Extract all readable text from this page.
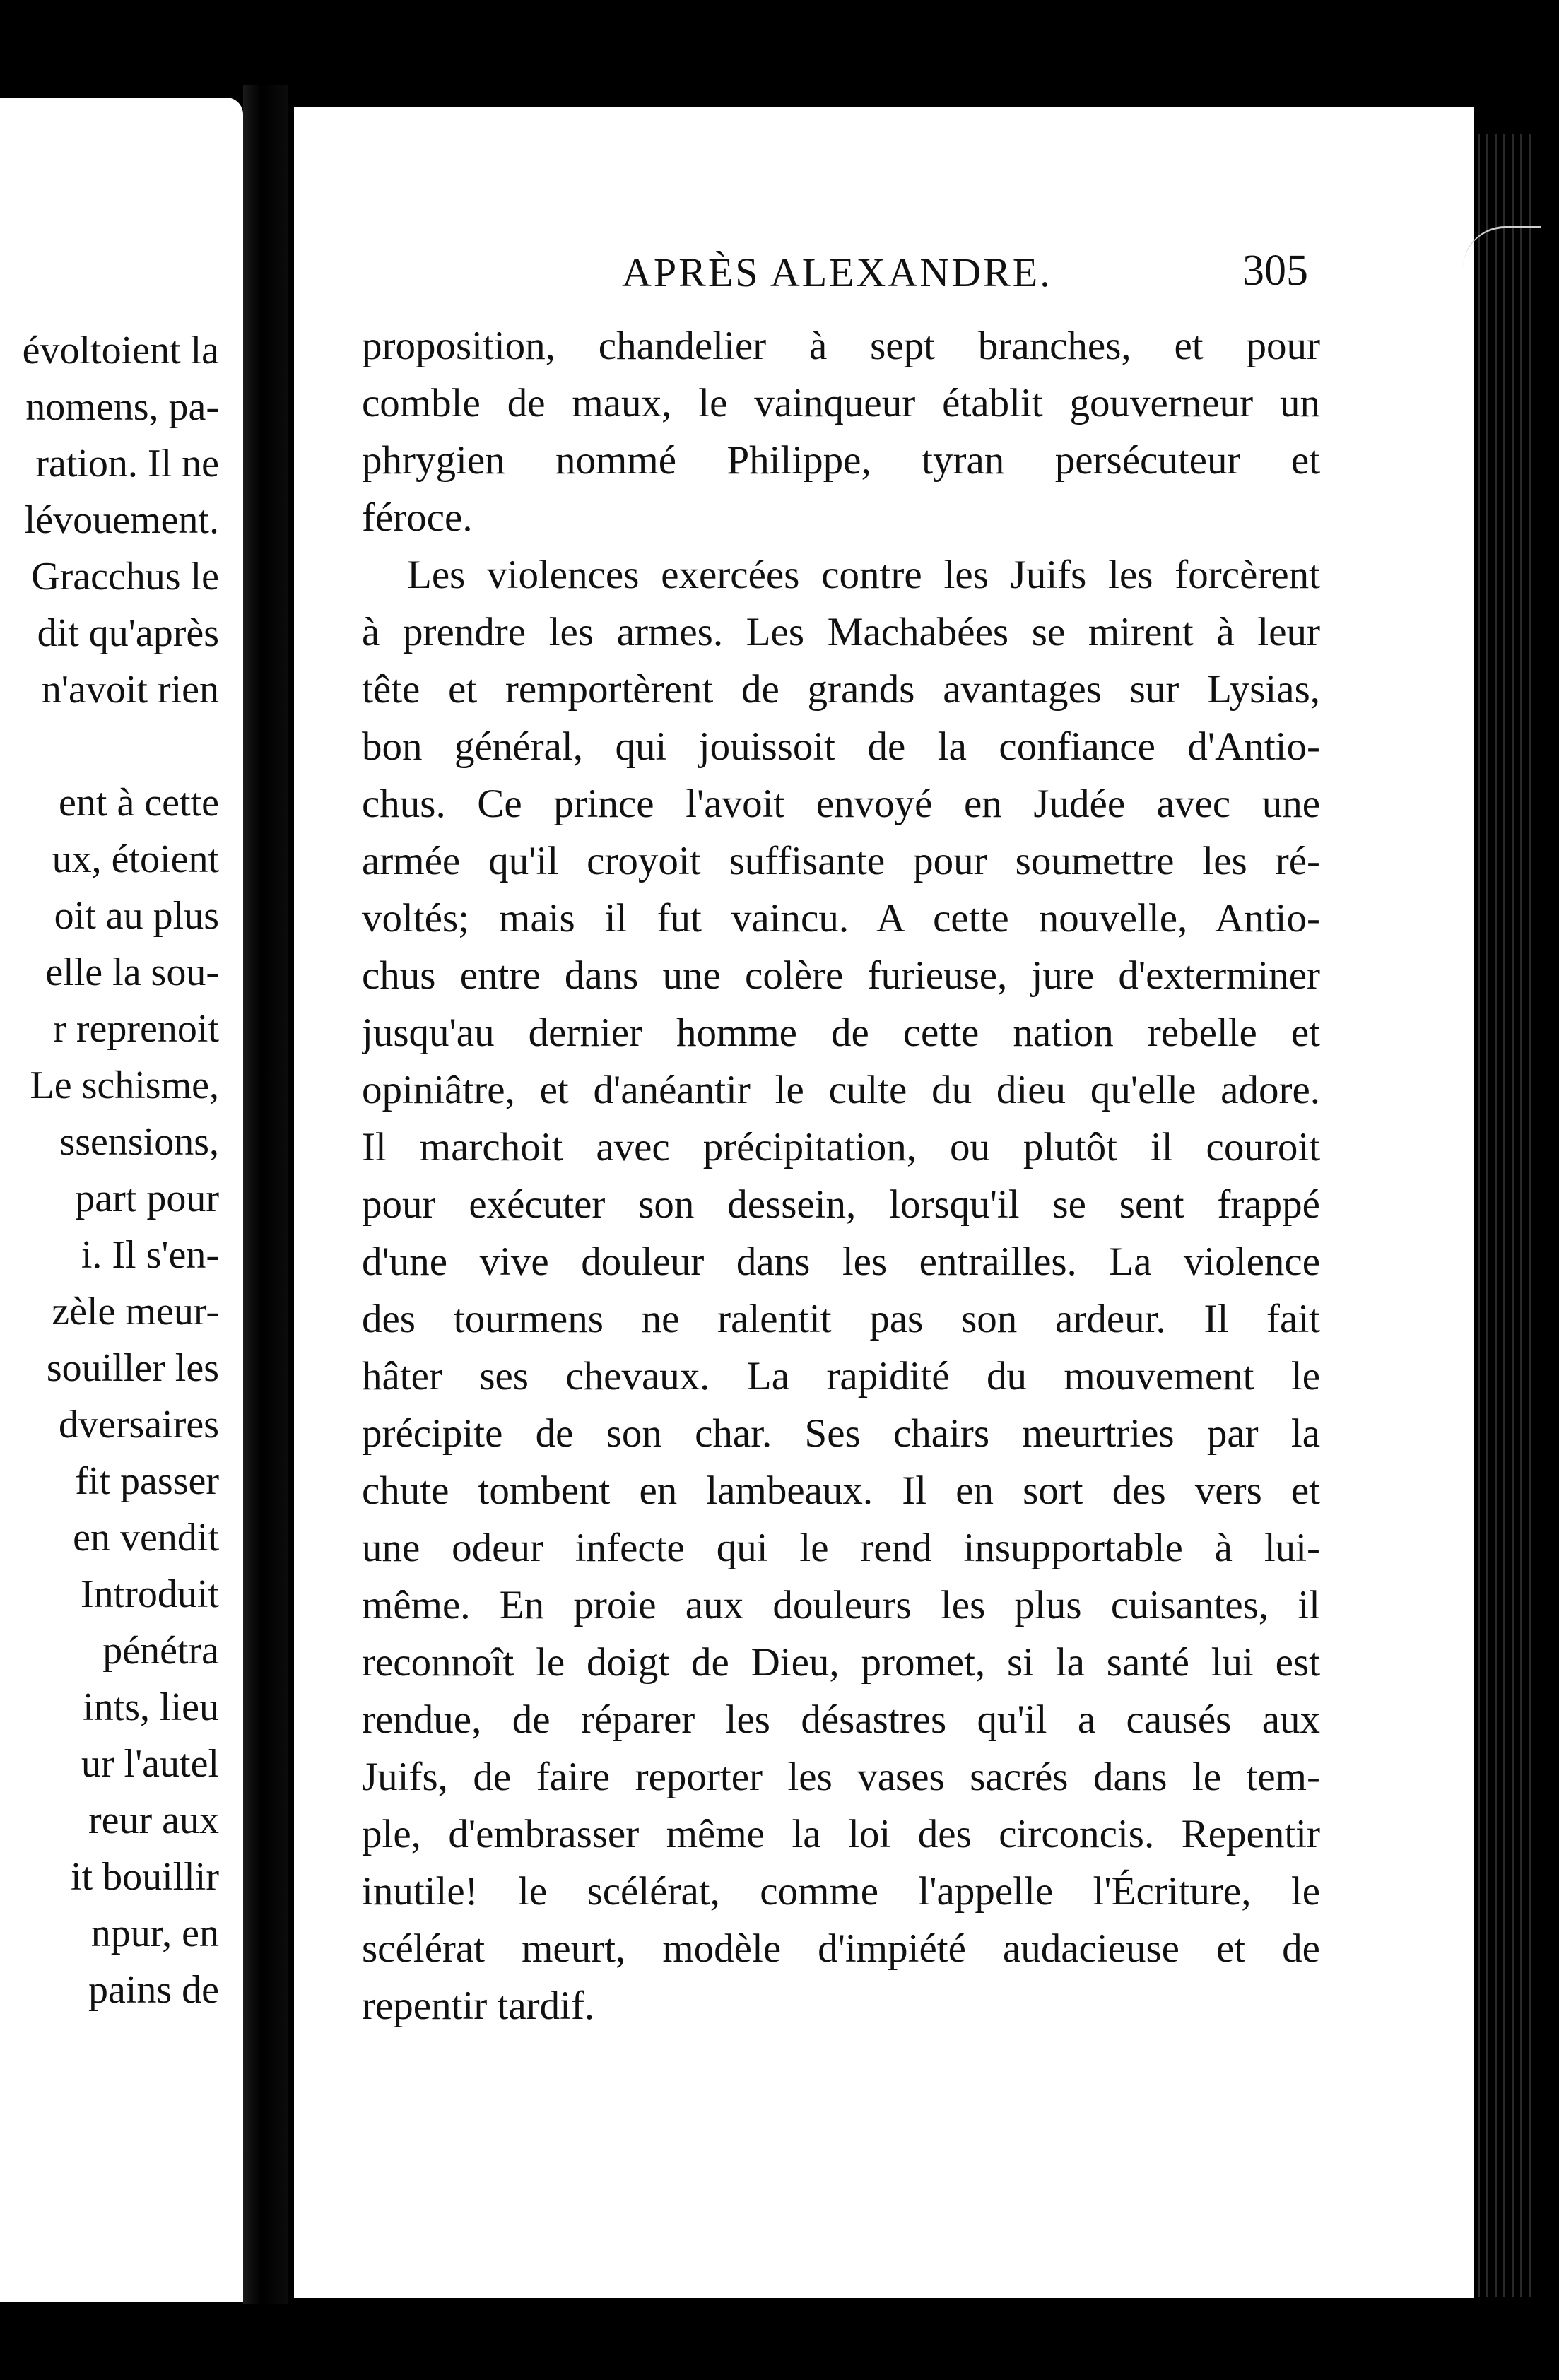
évoltoient la
nomens, pa-
ration. Il ne
lévouement.
Gracchus le
dit qu'après
n'avoit rien
ent à cette
ux, étoient
oit au plus
elle la sou-
r reprenoit
Le schisme,
ssensions,
part pour
i. Il s'en-
zèle meur-
souiller les
dversaires
fit passer
en vendit
Introduit
pénétra
ints, lieu
ur l'autel
reur aux
it bouillir
npur, en
pains de
APRÈS ALEXANDRE.	305
proposition, chandelier à sept branches, et pour
comble de maux, le vainqueur établit gouverneur un
phrygien nommé Philippe, tyran persécuteur et
féroce.
Les violences exercées contre les Juifs les forcèrent
à prendre les armes. Les Machabées se mirent à leur
tête et remportèrent de grands avantages sur Lysias,
bon général, qui jouissoit de la confiance d'Antio-
chus. Ce prince l'avoit envoyé en Judée avec une
armée qu'il croyoit suffisante pour soumettre les ré-
voltés; mais il fut vaincu. A cette nouvelle, Antio-
chus entre dans une colère furieuse, jure d'exterminer
jusqu'au dernier homme de cette nation rebelle et
opiniâtre, et d'anéantir le culte du dieu qu'elle adore.
Il marchoit avec précipitation, ou plutôt il couroit
pour exécuter son dessein, lorsqu'il se sent frappé
d'une vive douleur dans les entrailles. La violence
des tourmens ne ralentit pas son ardeur. Il fait
hâter ses chevaux. La rapidité du mouvement le
précipite de son char. Ses chairs meurtries par la
chute tombent en lambeaux. Il en sort des vers et
une odeur infecte qui le rend insupportable à lui-
même. En proie aux douleurs les plus cuisantes, il
reconnoît le doigt de Dieu, promet, si la santé lui est
rendue, de réparer les désastres qu'il a causés aux
Juifs, de faire reporter les vases sacrés dans le tem-
ple, d'embrasser même la loi des circoncis. Repentir
inutile! le scélérat, comme l'appelle l'Écriture, le
scélérat meurt, modèle d'impiété audacieuse et de
repentir tardif.
